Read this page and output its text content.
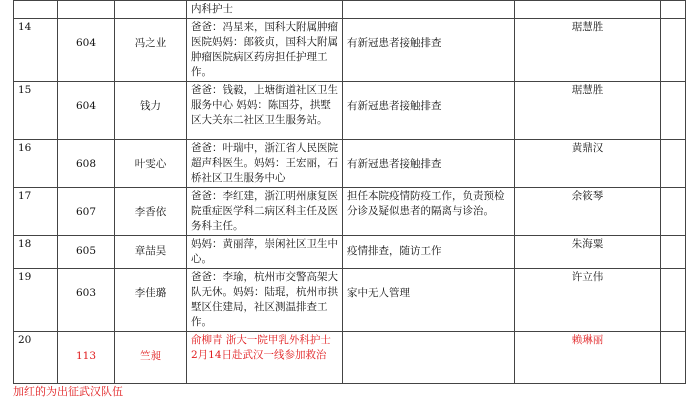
			内科护士			
14	604	冯之业	爸爸：冯星来，国科大附属肿瘤医院妈妈：郎筱贞，国科大附属肿瘤医院病区药房担任护理工作。	有新冠患者接触排查	琚慧胜	
15	604	钱力	爸爸：钱毅，上塘街道社区卫生服务中心 妈妈：陈国芬，拱墅区大关东二社区卫生服务站。	有新冠患者接触排查	琚慧胜	
16	608	叶雯心	爸爸：叶瑞中，浙江省人民医院超声科医生。妈妈：王宏丽，石桥社区卫生服务中心	有新冠患者接触排查	黄鼎汉	
17	607	李香依	爸爸：李红建，浙江明州康复医院重症医学科二病区科主任及医务科主任。	担任本院疫情防疫工作，负责预检分诊及疑似患者的隔离与诊治。	余筱琴	
18	605	章喆昊	妈妈：黄丽萍，崇闲社区卫生中心。	疫情排查，随访工作	朱海粟	
19	603	李佳璐	爸爸：李瑜，杭州市交警高架大队无休。妈妈：陆琨，杭州市拱墅区住建局，社区测温排查工作。	家中无人管理	许立伟	
20	113	竺昶	俞柳青 浙大一院甲乳外科护士 2月14日赴武汉一线参加救治		赖琳丽	
加红的为出征武汉队伍
